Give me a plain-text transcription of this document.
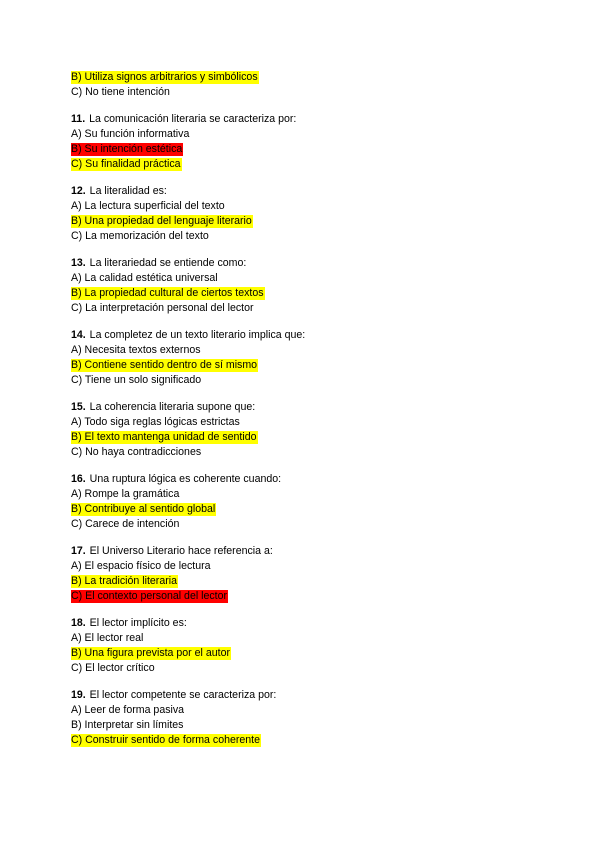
B) Utiliza signos arbitrarios y simbólicos
C) No tiene intención
11. La comunicación literaria se caracteriza por:
A) Su función informativa
B) Su intención estética
C) Su finalidad práctica
12. La literalidad es:
A) La lectura superficial del texto
B) Una propiedad del lenguaje literario
C) La memorización del texto
13. La literariedad se entiende como:
A) La calidad estética universal
B) La propiedad cultural de ciertos textos
C) La interpretación personal del lector
14. La completez de un texto literario implica que:
A) Necesita textos externos
B) Contiene sentido dentro de sí mismo
C) Tiene un solo significado
15. La coherencia literaria supone que:
A) Todo siga reglas lógicas estrictas
B) El texto mantenga unidad de sentido
C) No haya contradicciones
16. Una ruptura lógica es coherente cuando:
A) Rompe la gramática
B) Contribuye al sentido global
C) Carece de intención
17. El Universo Literario hace referencia a:
A) El espacio físico de lectura
B) La tradición literaria
C) El contexto personal del lector
18. El lector implícito es:
A) El lector real
B) Una figura prevista por el autor
C) El lector crítico
19. El lector competente se caracteriza por:
A) Leer de forma pasiva
B) Interpretar sin límites
C) Construir sentido de forma coherente
